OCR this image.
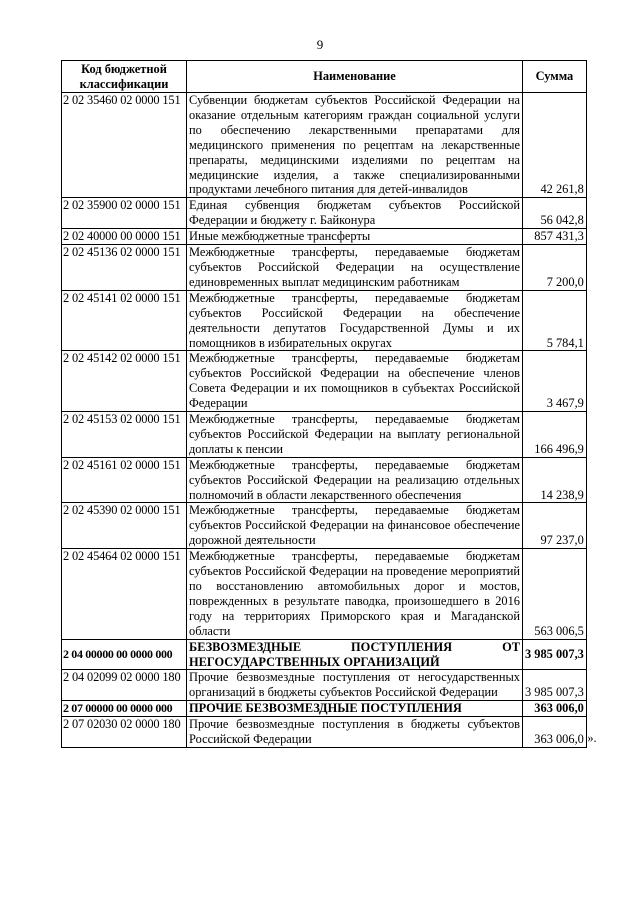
9
Код бюджетной классификации	Наименование	Сумма
2 02 35460 02 0000 151	Субвенции бюджетам субъектов Российской Федерации на оказание отдельным категориям граждан социальной услуги по обеспечению лекарственными препаратами для медицинского применения по рецептам на лекарственные препараты, медицинскими изделиями по рецептам на медицинские изделия, а также специализированными продуктами лечебного питания для детей-инвалидов	42 261,8
2 02 35900 02 0000 151	Единая субвенция бюджетам субъектов Российской Федерации и бюджету г. Байконура	56 042,8
2 02 40000 00 0000 151	Иные межбюджетные трансферты	857 431,3
2 02 45136 02 0000 151	Межбюджетные трансферты, передаваемые бюджетам субъектов Российской Федерации на осуществление единовременных выплат медицинским работникам	7 200,0
2 02 45141 02 0000 151	Межбюджетные трансферты, передаваемые бюджетам субъектов Российской Федерации на обеспечение деятельности депутатов Государственной Думы и их помощников в избирательных округах	5 784,1
2 02 45142 02 0000 151	Межбюджетные трансферты, передаваемые бюджетам субъектов Российской Федерации на обеспечение членов Совета Федерации и их помощников в субъектах Российской Федерации	3 467,9
2 02 45153 02 0000 151	Межбюджетные трансферты, передаваемые бюджетам субъектов Российской Федерации на выплату региональной доплаты к пенсии	166 496,9
2 02 45161 02 0000 151	Межбюджетные трансферты, передаваемые бюджетам субъектов Российской Федерации на реализацию отдельных полномочий в области лекарственного обеспечения	14 238,9
2 02 45390 02 0000 151	Межбюджетные трансферты, передаваемые бюджетам субъектов Российской Федерации на финансовое обеспечение дорожной деятельности	97 237,0
2 02 45464 02 0000 151	Межбюджетные трансферты, передаваемые бюджетам субъектов Российской Федерации на проведение мероприятий по восстановлению автомобильных дорог и мостов, поврежденных в результате паводка, произошедшего в 2016 году на территориях Приморского края и Магаданской области	563 006,5
2 04 00000 00 0000 000	БЕЗВОЗМЕЗДНЫЕ ПОСТУПЛЕНИЯ ОТ НЕГОСУДАРСТВЕННЫХ ОРГАНИЗАЦИЙ	3 985 007,3
2 04 02099 02 0000 180	Прочие безвозмездные поступления от негосударственных организаций в бюджеты субъектов Российской Федерации	3 985 007,3
2 07 00000 00 0000 000	ПРОЧИЕ БЕЗВОЗМЕЗДНЫЕ ПОСТУПЛЕНИЯ	363 006,0
2 07 02030 02 0000 180	Прочие безвозмездные поступления в бюджеты субъектов Российской Федерации	363 006,0 ».
